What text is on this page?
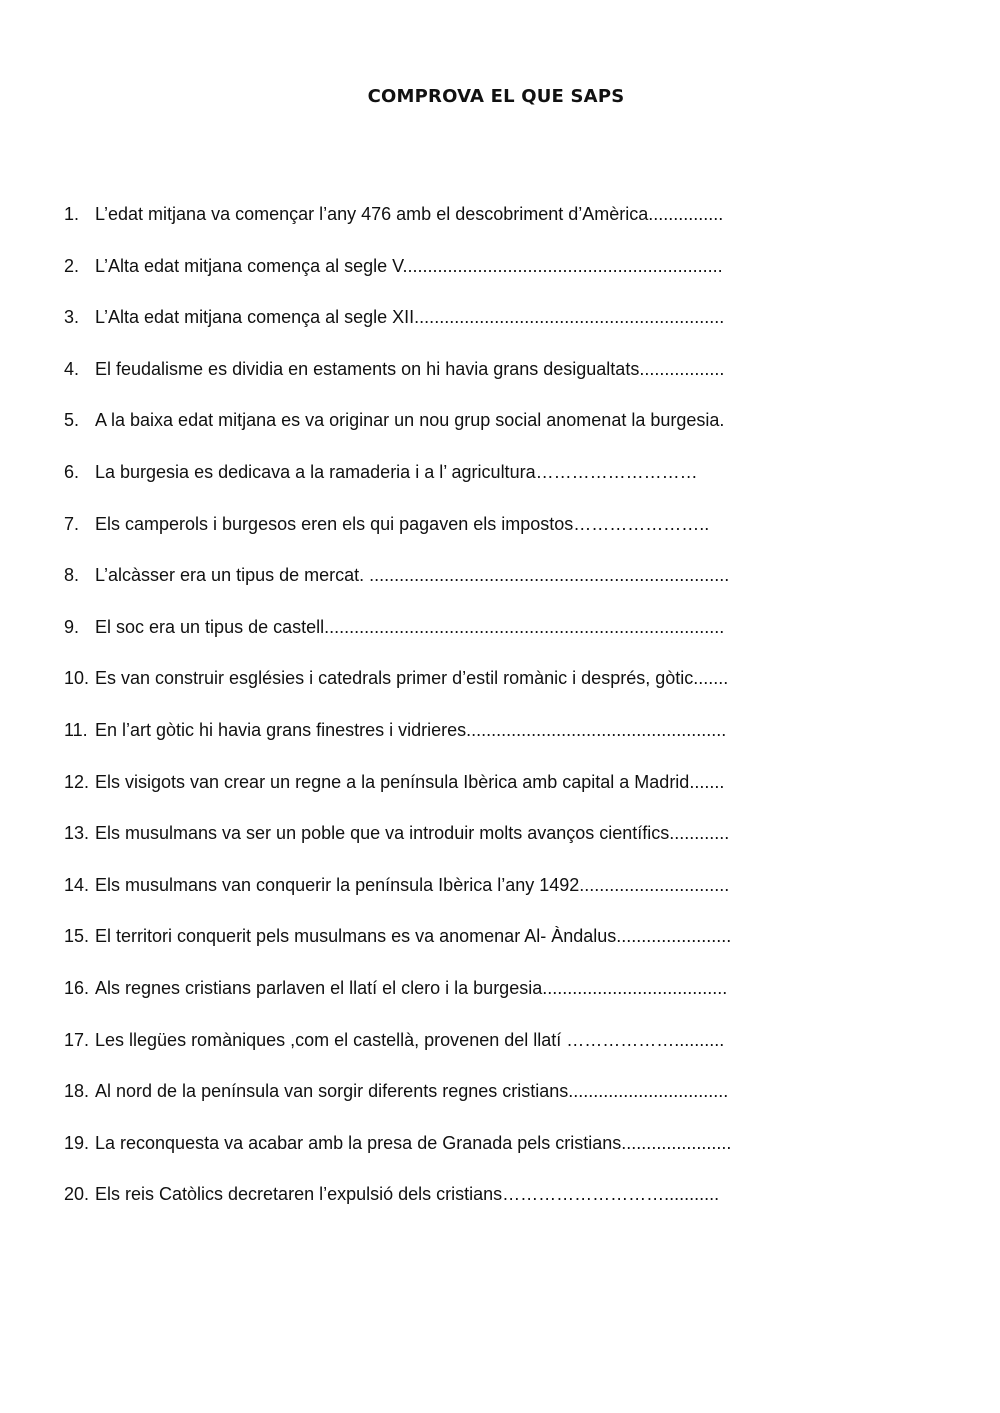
COMPROVA EL QUE SAPS
1. L’edat mitjana va començar l’any 476 amb el descobriment d’Amèrica...............
2. L’Alta edat mitjana comença al segle V................................................................
3. L’Alta edat mitjana comença al segle XII..............................................................
4. El feudalisme es dividia en estaments on hi havia grans desigualtats.................
5. A la baixa edat mitjana es va originar un nou grup social anomenat la burgesia.
6. La burgesia es dedicava a la ramaderia i a l’ agricultura………………………
7. Els camperols i burgesos eren els qui pagaven els impostos…………………..
8. L’alcàsser era un tipus de mercat. ........................................................................
9. El soc era un tipus de castell................................................................................
10. Es van construir esglésies i catedrals primer d’estil romànic i després, gòtic.......
11. En l’art gòtic hi havia grans finestres i vidrieres....................................................
12. Els visigots van crear un regne a la península Ibèrica amb capital a Madrid.......
13. Els musulmans va ser un poble que va introduir molts avanços científics............
14. Els musulmans van conquerir la península Ibèrica l’any 1492..............................
15. El territori conquerit pels musulmans es va anomenar Al- Àndalus.......................
16. Als regnes cristians parlaven el llatí el clero i la burgesia.....................................
17. Les llegües romàniques ,com el castellà, provenen del llatí ………………..........
18. Al nord de la península van sorgir diferents regnes cristians................................
19. La reconquesta va acabar amb la presa de Granada pels cristians......................
20. Els reis Catòlics decretaren l’expulsió dels cristians………………………...........
